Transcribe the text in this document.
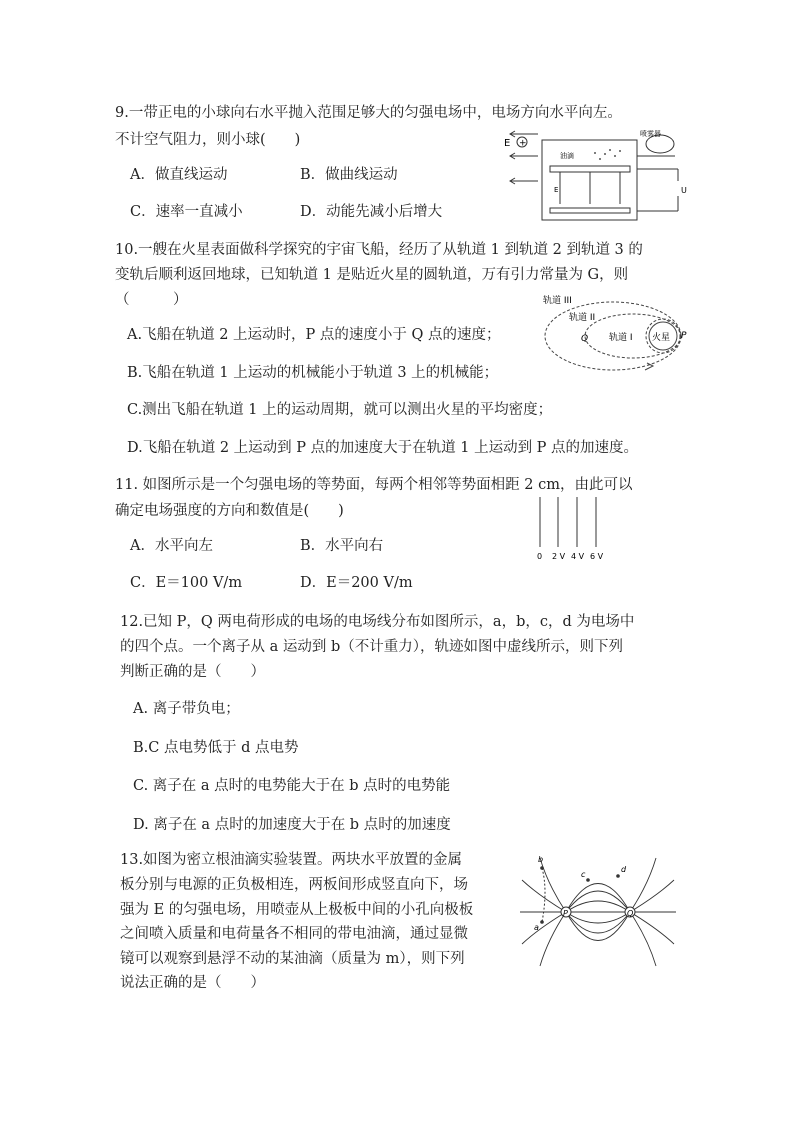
9.一带正电的小球向右水平抛入范围足够大的匀强电场中，电场方向水平向左。
不计空气阻力，则小球(　　)
A．做直线运动	B．做曲线运动
C．速率一直减小	D．动能先减小后增大
E +
油滴
喷雾器
E	U
10.一艘在火星表面做科学探究的宇宙飞船，经历了从轨道 1 到轨道 2 到轨道 3 的
变轨后顺利返回地球，已知轨道 1 是贴近火星的圆轨道，万有引力常量为 G，则
（　　　）
A.飞船在轨道 2 上运动时，P 点的速度小于 Q 点的速度；
B.飞船在轨道 1 上运动的机械能小于轨道 3 上的机械能；
C.测出飞船在轨道 1 上的运动周期，就可以测出火星的平均密度；
D.飞船在轨道 2 上运动到 P 点的加速度大于在轨道 1 上运动到 P 点的加速度。
轨道 III
轨道 II
轨道 I 火星
Q	P
11. 如图所示是一个匀强电场的等势面，每两个相邻等势面相距 2 cm，由此可以
确定电场强度的方向和数值是(　　)
A．水平向左	B．水平向右
C．E＝100 V/m	D．E＝200 V/m
0 2 V 4 V 6 V
12.已知 P，Q 两电荷形成的电场的电场线分布如图所示，a，b，c，d 为电场中
的四个点。一个离子从 a 运动到 b（不计重力），轨迹如图中虚线所示，则下列
判断正确的是（　　）
A. 离子带负电；
B.C 点电势低于 d 点电势
C. 离子在 a 点时的电势能大于在 b 点时的电势能
D. 离子在 a 点时的加速度大于在 b 点时的加速度
13.如图为密立根油滴实验装置。两块水平放置的金属
板分别与电源的正负极相连，两板间形成竖直向下，场
强为 E 的匀强电场，用喷壶从上极板中间的小孔向极板
之间喷入质量和电荷量各不相同的带电油滴，通过显微
镜可以观察到悬浮不动的某油滴（质量为 m），则下列
说法正确的是（　　）
P	Q
a
b
c
d
